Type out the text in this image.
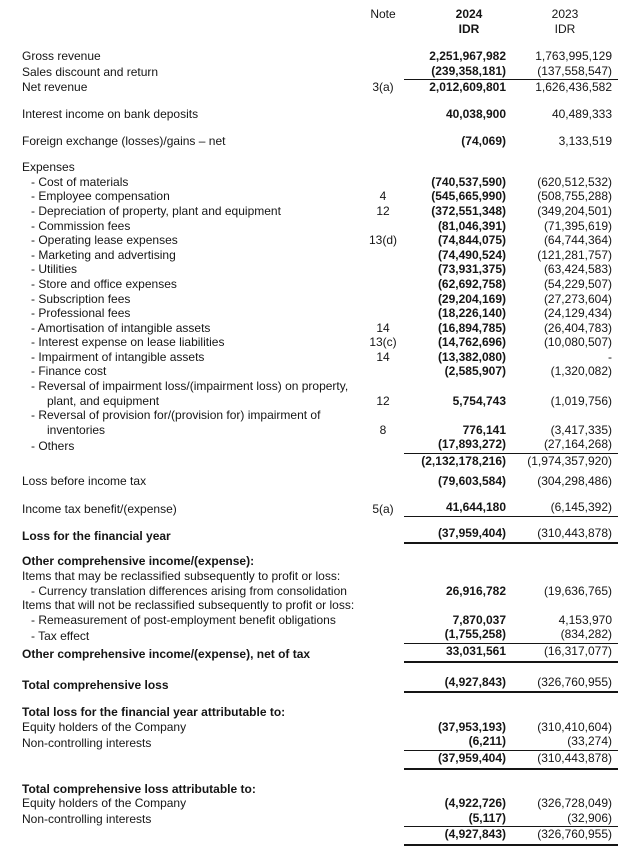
	Note	2024	2023
		IDR	IDR

Gross revenue		2,251,967,982	1,763,995,129
Sales discount and return		(239,358,181)	(137,558,547)
Net revenue	3(a)	2,012,609,801	1,626,436,582

Interest income on bank deposits		40,038,900	40,489,333

Foreign exchange (losses)/gains – net		(74,069)	3,133,519

Expenses			
- Cost of materials		(740,537,590)	(620,512,532)
- Employee compensation	4	(545,665,990)	(508,755,288)
- Depreciation of property, plant and equipment	12	(372,551,348)	(349,204,501)
- Commission fees		(81,046,391)	(71,395,619)
- Operating lease expenses	13(d)	(74,844,075)	(64,744,364)
- Marketing and advertising		(74,490,524)	(121,281,757)
- Utilities		(73,931,375)	(63,424,583)
- Store and office expenses		(62,692,758)	(54,229,507)
- Subscription fees		(29,204,169)	(27,273,604)
- Professional fees		(18,226,140)	(24,129,434)
- Amortisation of intangible assets	14	(16,894,785)	(26,404,783)
- Interest expense on lease liabilities	13(c)	(14,762,696)	(10,080,507)
- Impairment of intangible assets	14	(13,382,080)	-
- Finance cost		(2,585,907)	(1,320,082)
- Reversal of impairment loss/(impairment loss) on property,			
plant, and equipment	12	5,754,743	(1,019,756)
- Reversal of provision for/(provision for) impairment of			
inventories	8	776,141	(3,417,335)
- Others		(17,893,272)	(27,164,268)
		(2,132,178,216)	(1,974,357,920)

Loss before income tax		(79,603,584)	(304,298,486)

Income tax benefit/(expense)	5(a)	41,644,180	(6,145,392)

Loss for the financial year		(37,959,404)	(310,443,878)

Other comprehensive income/(expense):			
Items that may be reclassified subsequently to profit or loss:			
- Currency translation differences arising from consolidation		26,916,782	(19,636,765)
Items that will not be reclassified subsequently to profit or loss:			
- Remeasurement of post-employment benefit obligations		7,870,037	4,153,970
- Tax effect		(1,755,258)	(834,282)
Other comprehensive income/(expense), net of tax		33,031,561	(16,317,077)

Total comprehensive loss		(4,927,843)	(326,760,955)

Total loss for the financial year attributable to:			
Equity holders of the Company		(37,953,193)	(310,410,604)
Non-controlling interests		(6,211)	(33,274)
		(37,959,404)	(310,443,878)

Total comprehensive loss attributable to:			
Equity holders of the Company		(4,922,726)	(326,728,049)
Non-controlling interests		(5,117)	(32,906)
		(4,927,843)	(326,760,955)
